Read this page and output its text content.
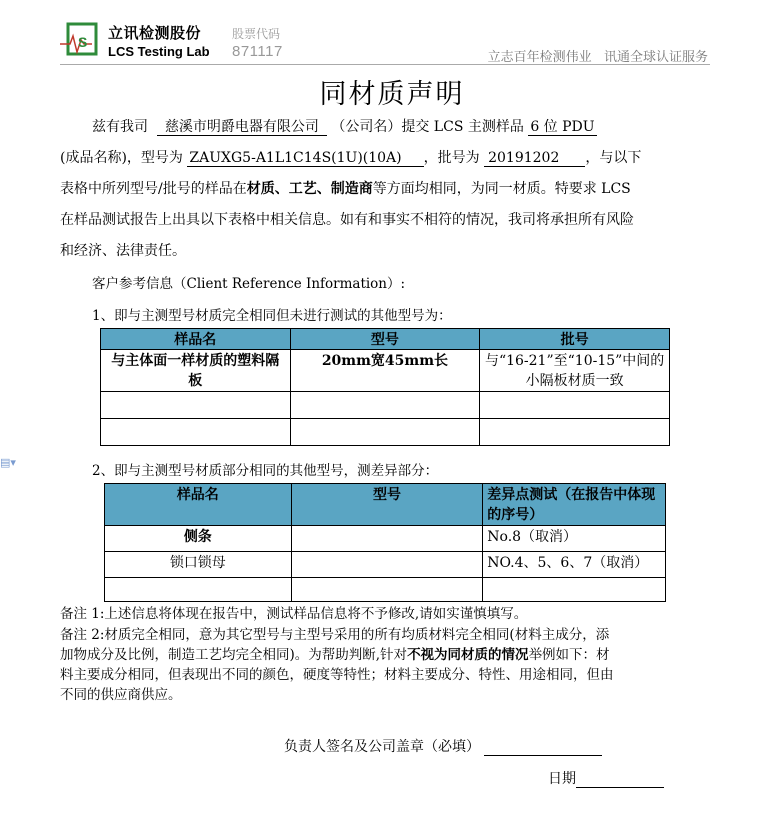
S 立讯检测股份
LCS Testing Lab
股票代码
871117	立志百年检测伟业   讯通全球认证服务
▤▾
同材质声明
兹有我司 慈溪市明爵电器有限公司 （公司名）提交 LCS 主测样品 6 位 PDU
(成品名称)，型号为 ZAUXG5-A1L1C14S(1U)(10A) ，批号为 20191202 ，与以下
表格中所列型号/批号的样品在材质、工艺、制造商等方面均相同，为同一材质。特要求 LCS
在样品测试报告上出具以下表格中相关信息。如有和事实不相符的情况，我司将承担所有风险
和经济、法律责任。
客户参考信息（Client Reference Information）:
1、即与主测型号材质完全相同但未进行测试的其他型号为：
样品名	型号	批号
与主体面一样材质的塑料隔板	20mm宽45mm长	与“16-21”至“10-15”中间的小隔板材质一致

2、即与主测型号材质部分相同的其他型号，测差异部分：
样品名	型号	差异点测试（在报告中体现的序号）
侧条		No.8（取消）
锁口锁母		NO.4、5、6、7（取消）

备注 1:上述信息将体现在报告中，测试样品信息将不予修改,请如实谨慎填写。
备注 2:材质完全相同，意为其它型号与主型号采用的所有均质材料完全相同(材料主成分，添
加物成分及比例，制造工艺均完全相同)。为帮助判断,针对不视为同材质的情况举例如下：材
料主要成分相同，但表现出不同的颜色，硬度等特性；材料主要成分、特性、用途相同，但由
不同的供应商供应。
负责人签名及公司盖章（必填）
日期
